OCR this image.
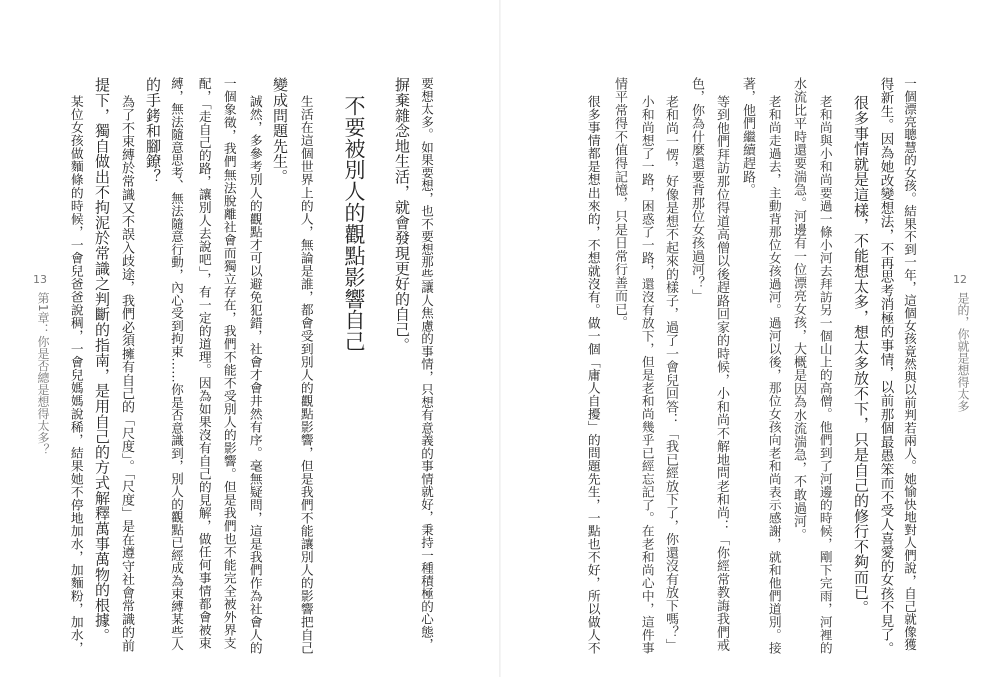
12
是的，你就是想得太多
一個漂亮聰慧的女孩。結果不到一年，這個女孩竟然與以前判若兩人。她愉快地對人們說，自己就像獲
得新生。因為她改變想法，不再思考消極的事情，以前那個最愚笨而不受人喜愛的女孩不見了。
很多事情就是這樣，不能想太多，想太多放不下，只是自己的修行不夠而已。
老和尚與小和尚要過一條小河去拜訪另一個山上的高僧。他們到了河邊的時候，剛下完雨，河裡的
水流比平時還要湍急。河邊有一位漂亮女孩，大概是因為水流湍急，不敢過河。
老和尚走過去，主動背那位女孩過河。過河以後，那位女孩向老和尚表示感謝，就和他們道別。接
著，他們繼續趕路。
等到他們拜訪那位得道高僧以後趕路回家的時候，小和尚不解地問老和尚：「你經常教誨我們戒
色，你為什麼還要背那位女孩過河？」
老和尚一愣，好像是想不起來的樣子，過了一會兒回答：「我已經放下了，你還沒有放下嗎？」
小和尚想了一路，困惑了一路，還沒有放下，但是老和尚幾乎已經忘記了。在老和尚心中，這件事
情平常得不值得記憶，只是日常行善而已。
很多事情都是想出來的，不想就沒有。做一個「庸人自擾」的問題先生，一點也不好，所以做人不
13
第1章：你是否總是想得太多？	要想太多。如果要想，也不要想那些讓人焦慮的事情，只想有意義的事情就好，秉持一種積極的心態，
摒棄雜念地生活，就會發現更好的自己。
不要被別人的觀點影響自己
生活在這個世界上的人，無論是誰，都會受到別人的觀點影響，但是我們不能讓別人的影響把自己
變成問題先生。
誠然，多參考別人的觀點才可以避免犯錯，社會才會井然有序。毫無疑問，這是我們作為社會人的
一個象徵，我們無法脫離社會而獨立存在，我們不能不受別人的影響。但是我們也不能完全被外界支
配，「走自己的路，讓別人去說吧」，有一定的道理。因為如果沒有自己的見解，做任何事情都會被束
縛，無法隨意思考、無法隨意行動，內心受到拘束……你是否意識到，別人的觀點已經成為束縛某些人
的手銬和腳鐐？
為了不束縛於常識又不誤入歧途，我們必須擁有自己的「尺度」。「尺度」是在遵守社會常識的前
提下，獨自做出不拘泥於常識之判斷的指南，是用自己的方式解釋萬事萬物的根據。
某位女孩做麵條的時候，一會兒爸爸說稠，一會兒媽媽說稀，結果她不停地加水，加麵粉，加水，
